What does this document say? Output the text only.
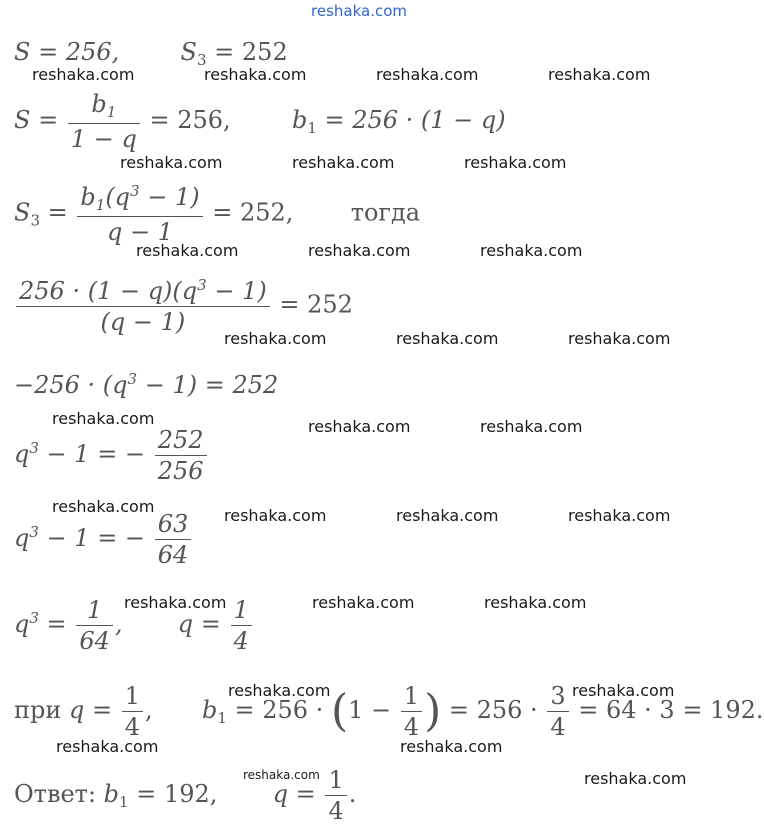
reshaka.com
reshaka.com	reshaka.com	reshaka.com	reshaka.com
reshaka.com	reshaka.com	reshaka.com
reshaka.com	reshaka.com	reshaka.com
reshaka.com	reshaka.com	reshaka.com
reshaka.com	reshaka.com	reshaka.com
reshaka.com	reshaka.com	reshaka.com	reshaka.com
reshaka.com	reshaka.com	reshaka.com
reshaka.com	reshaka.com
reshaka.com	reshaka.com
reshaka.com	reshaka.com
S = 256,	$S_3 = 252$
$S = \frac{b_1}{1 - q} = 256$,	$b_1 = 256 \cdot (1 - q)$
$S_3 = \frac{b_1(q^3 - 1)}{q - 1} = 252$, тогда
$\frac{256 \cdot (1 - q)(q^3 - 1)}{(q - 1)} = 252$
$-256 \cdot (q^3 - 1) = 252$
$q^3 - 1$ = − $\frac{252}{256}$
$q^3 - 1$ = − $\frac{63}{64}$
$q^3 = \frac{1}{64}$ , $q = \frac{1}{4}$
при $q = \frac{1}{4}$ , $b_1 = 256 \cdot (1 - \frac{1}{4}$ ) = $256 \cdot \frac{3}{4} = 64 \cdot 3 = 192$.
Ответ: $b_1 = 192$, $q = \frac{1}{4}$ .
